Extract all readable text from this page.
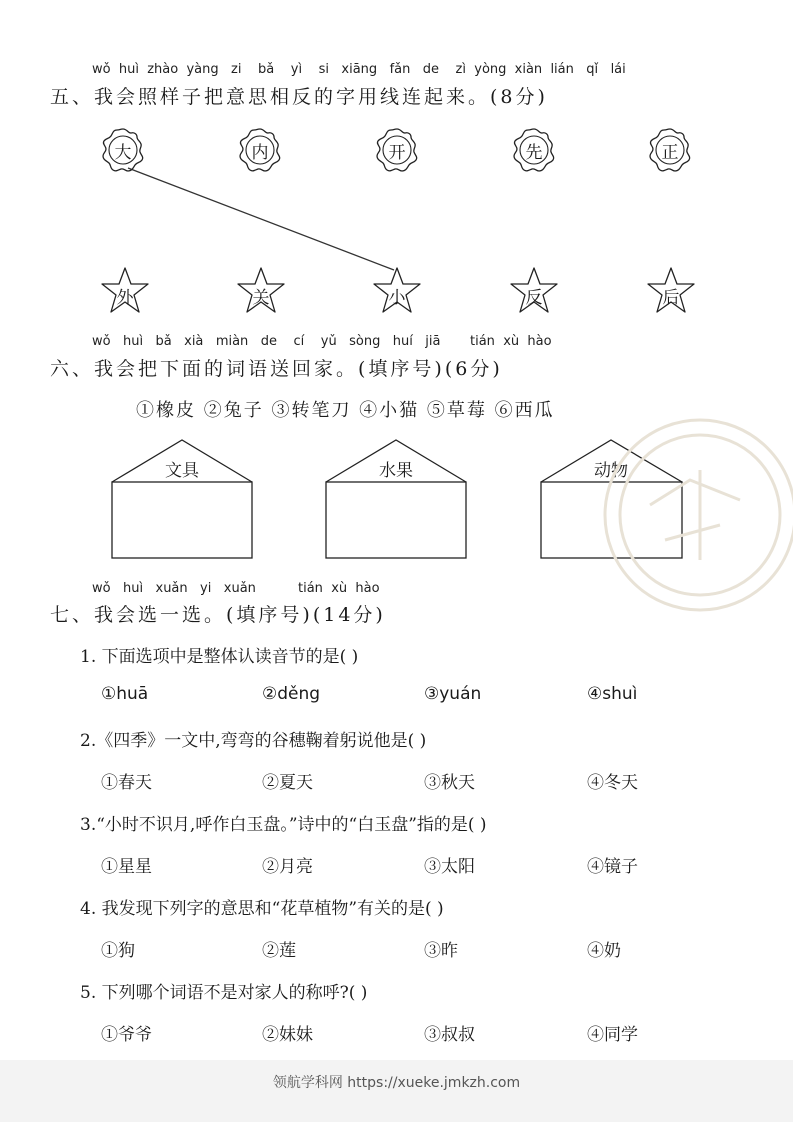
wǒ huì zhào yàng zi bǎ yì si xiāng fǎn de zì yòng xiàn lián qǐ lái
五、我会照样子把意思相反的字用线连起来。(8分)
大	内	开	先	正
外	关	小	反	后
wǒ huì bǎ xià miàn de cí yǔ sòng huí jiā tián xù hào
六、我会把下面的词语送回家。(填序号)(6分)
①橡皮 ②兔子 ③转笔刀 ④小猫 ⑤草莓 ⑥西瓜
文具	水果	动物
wǒ huì xuǎn yi xuǎn	tián xù hào
七、我会选一选。(填序号)(14分)
1. 下面选项中是整体认读音节的是( )
①huā	②děng	③yuán	④shuì
2.《四季》一文中,弯弯的谷穗鞠着躬说他是( )
①春天	②夏天	③秋天	④冬天
3.“小时不识月,呼作白玉盘。”诗中的“白玉盘”指的是( )
①星星	②月亮	③太阳	④镜子
4. 我发现下列字的意思和“花草植物”有关的是( )
①狗	②莲	③昨	④奶
5. 下列哪个词语不是对家人的称呼?( )
①爷爷	②妹妹	③叔叔	④同学
领航学科网 https://xueke.jmkzh.com
